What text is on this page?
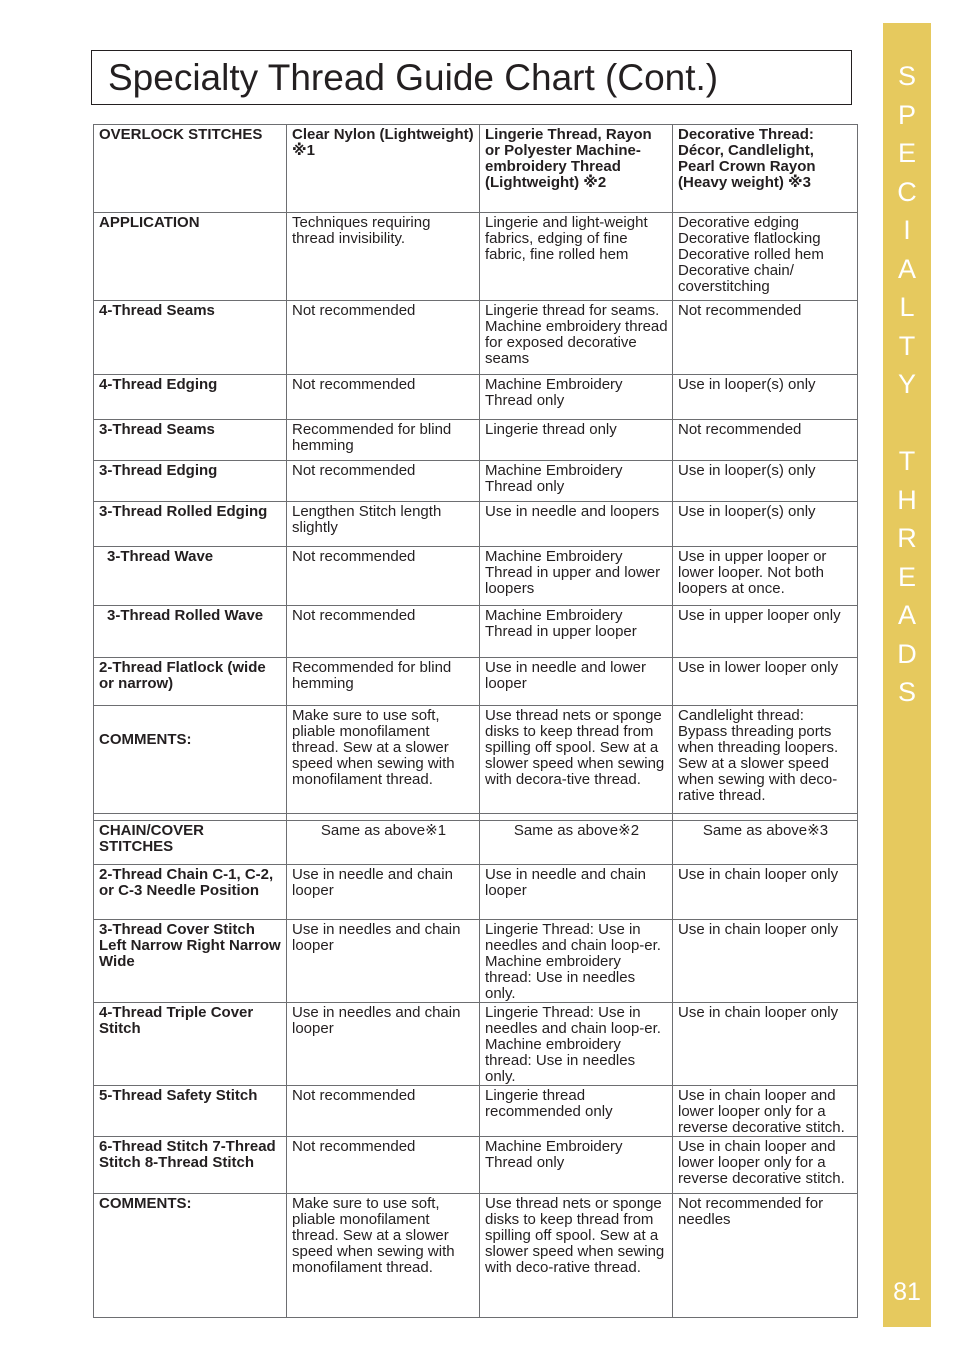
Specialty Thread Guide Chart (Cont.)	S
P
E
C
I
A
L
T
Y
T
H
R
E
A
D
S
81
OVERLOCK STITCHES	Clear Nylon (Lightweight) ※1	Lingerie Thread, Rayon or Polyester Machine-embroidery Thread (Lightweight) ※2	Decorative Thread: Décor, Candlelight, Pearl Crown Rayon (Heavy weight) ※3
APPLICATION	Techniques requiring thread invisibility.	Lingerie and light-weight fabrics, edging of fine fabric, fine rolled hem	Decorative edging Decorative flatlocking Decorative rolled hem Decorative chain/ coverstitching
4-Thread Seams	Not recommended	Lingerie thread for seams. Machine embroidery thread for exposed decorative seams	Not recommended
4-Thread Edging	Not recommended	Machine Embroidery Thread only	Use in looper(s) only
3-Thread Seams	Recommended for blind hemming	Lingerie thread only	Not recommended
3-Thread Edging	Not recommended	Machine Embroidery Thread only	Use in looper(s) only
3-Thread Rolled Edging	Lengthen Stitch length slightly	Use in needle and loopers	Use in looper(s) only
3-Thread Wave	Not recommended	Machine Embroidery Thread in upper and lower loopers	Use in upper looper or lower looper. Not both loopers at once.
3-Thread Rolled Wave	Not recommended	Machine Embroidery Thread in upper looper	Use in upper looper only
2-Thread Flatlock (wide or narrow)	Recommended for blind hemming	Use in needle and lower looper	Use in lower looper only
COMMENTS:	Make sure to use soft, pliable monofilament thread. Sew at a slower speed when sewing with monofilament thread.	Use thread nets or sponge disks to keep thread from spilling off spool. Sew at a slower speed when sewing with decora-tive thread.	Candlelight thread: Bypass threading ports when threading loopers. Sew at a slower speed when sewing with deco-rative thread.

CHAIN/COVER STITCHES	Same as above※1	Same as above※2	Same as above※3
2-Thread Chain C-1, C-2, or C-3 Needle Position	Use in needle and chain looper	Use in needle and chain looper	Use in chain looper only
3-Thread Cover Stitch Left Narrow Right Narrow Wide	Use in needles and chain looper	Lingerie Thread: Use in needles and chain loop-er. Machine embroidery thread: Use in needles only.	Use in chain looper only
4-Thread Triple Cover Stitch	Use in needles and chain looper	Lingerie Thread: Use in needles and chain loop-er. Machine embroidery thread: Use in needles only.	Use in chain looper only
5-Thread Safety Stitch	Not recommended	Lingerie thread recommended only	Use in chain looper and lower looper only for a reverse decorative stitch.
6-Thread Stitch 7-Thread Stitch 8-Thread Stitch	Not recommended	Machine Embroidery Thread only	Use in chain looper and lower looper only for a reverse decorative stitch.
COMMENTS:	Make sure to use soft, pliable monofilament thread. Sew at a slower speed when sewing with monofilament thread.	Use thread nets or sponge disks to keep thread from spilling off spool. Sew at a slower speed when sewing with deco-rative thread.	Not recommended for needles
